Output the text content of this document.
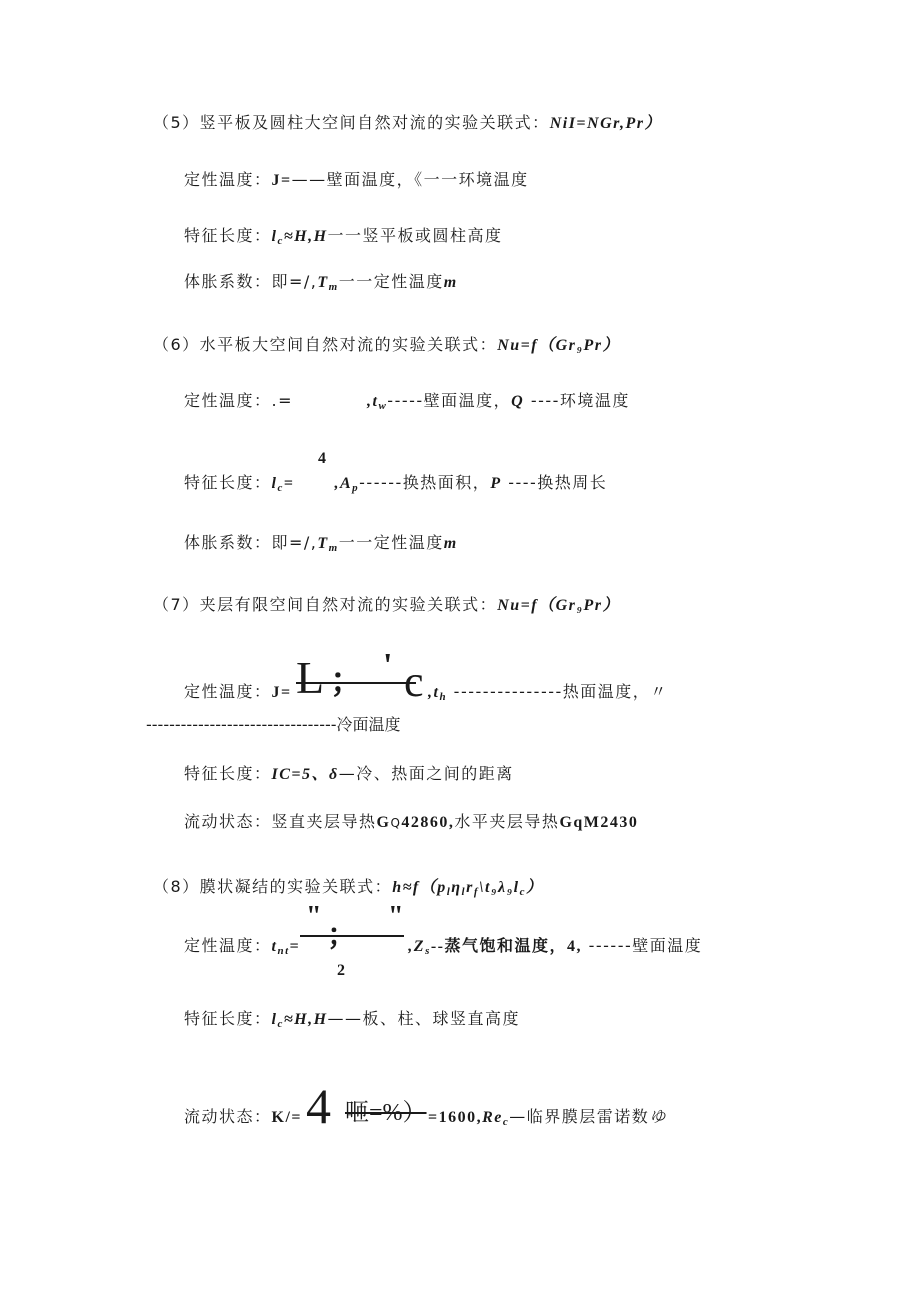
（5）竖平板及圆柱大空间自然对流的实验关联式：NiI=NGr,Pr）
定性温度：J=——壁面温度，《一一环境温度
特征长度：$l_c\approx H,H$一一竖平板或圆柱高度
体胀系数：即$=/,T_m$一一定性温度m
（6）水平板大空间自然对流的实验关联式：Nu=f（Gr₉Pr）
定性温度：.=	$,t_w-----$壁面温度，Q ----环境温度
4
特征长度：$l_c=$	$,A_p------$换热面积，P ----换热周长
体胀系数：即$=/,T_m$一一定性温度m
（7）夹层有限空间自然对流的实验关联式：Nu=f（Gr₉Pr）
定性温度：J= L ； ' c $,t_h$ ---------------热面温度，〃
---------------------------------冷面温度
特征长度：IC=5、δ—冷、热面之间的距离
流动状态：竖直夹层导热GQ42860,水平夹层导热GqM2430
（8）膜状凝结的实验关联式：$h\approx f(p_l\eta_lr_f\backslash t_9\lambda_9l_c)$
" "
；
定性温度：$t_{nt}=$	$,Z_s--$蒸气饱和温度，4, ------壁面温度
2
特征长度：$l_c\approx H,H——$板、柱、球竖直高度
流动状态：K/= 4 咂=%） $=1600,Re_c—$临界膜层雷诺数ゆ
